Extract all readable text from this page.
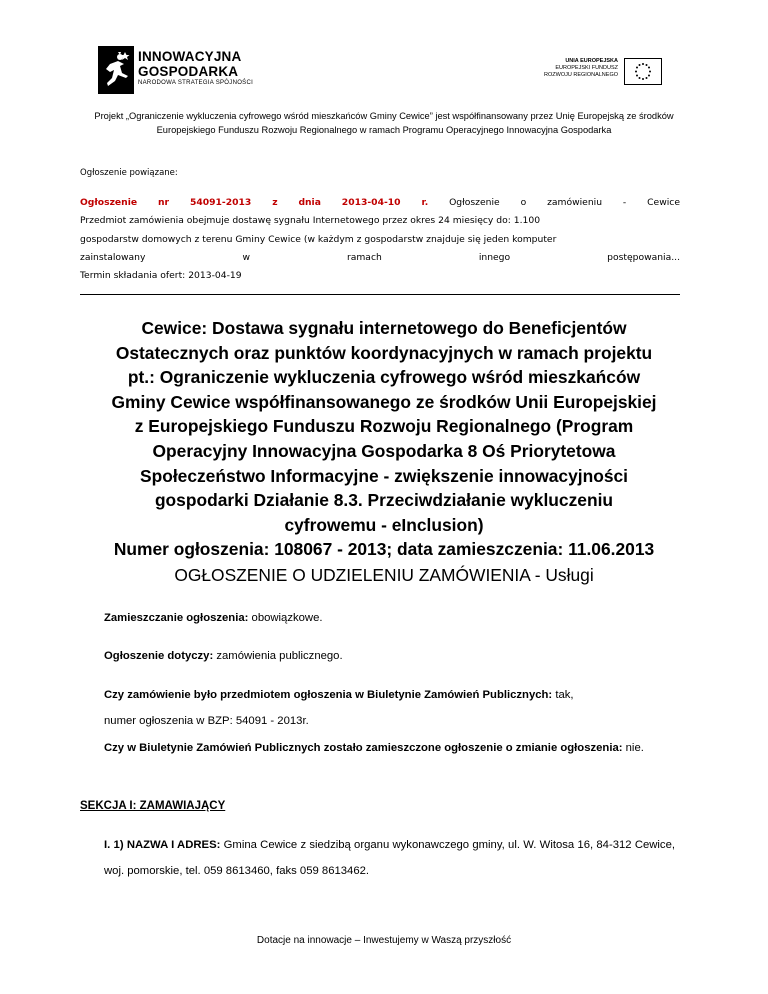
INNOWACYJNA
GOSPODARKA
NARODOWA STRATEGIA SPÓJNOŚCI
UNIA EUROPEJSKA
EUROPEJSKI FUNDUSZ
ROZWOJU REGIONALNEGO
Projekt „Ograniczenie wykluczenia cyfrowego wśród mieszkańców Gminy Cewice” jest współfinansowany przez Unię Europejską ze środków Europejskiego Funduszu Rozwoju Regionalnego w ramach Programu Operacyjnego Innowacyjna Gospodarka
Ogłoszenie powiązane:
Ogłoszenie nr 54091-2013 z dnia 2013-04-10 r. Ogłoszenie o zamówieniu - Cewice
Przedmiot zamówienia obejmuje dostawę sygnału Internetowego przez okres 24 miesięcy do: 1.100
gospodarstw domowych z terenu Gminy Cewice (w każdym z gospodarstw znajduje się jeden komputer
zainstalowany	w	ramach	innego	postępowania...
Termin składania ofert: 2013-04-19
Cewice: Dostawa sygnału internetowego do Beneficjentów
Ostatecznych oraz punktów koordynacyjnych w ramach projektu
pt.: Ograniczenie wykluczenia cyfrowego wśród mieszkańców
Gminy Cewice współfinansowanego ze środków Unii Europejskiej
z Europejskiego Funduszu Rozwoju Regionalnego (Program
Operacyjny Innowacyjna Gospodarka 8 Oś Priorytetowa
Społeczeństwo Informacyjne - zwiększenie innowacyjności
gospodarki Działanie 8.3. Przeciwdziałanie wykluczeniu
cyfrowemu - eInclusion)
Numer ogłoszenia: 108067 - 2013; data zamieszczenia: 11.06.2013
OGŁOSZENIE O UDZIELENIU ZAMÓWIENIA - Usługi
Zamieszczanie ogłoszenia: obowiązkowe.
Ogłoszenie dotyczy: zamówienia publicznego.
Czy zamówienie było przedmiotem ogłoszenia w Biuletynie Zamówień Publicznych: tak,
numer ogłoszenia w BZP: 54091 - 2013r.
Czy w Biuletynie Zamówień Publicznych zostało zamieszczone ogłoszenie o zmianie ogłoszenia: nie.
SEKCJA I: ZAMAWIAJĄCY
I. 1) NAZWA I ADRES: Gmina Cewice z siedzibą organu wykonawczego gminy, ul. W. Witosa 16, 84-312 Cewice, woj. pomorskie, tel. 059 8613460, faks 059 8613462.
Dotacje na innowacje – Inwestujemy w Waszą przyszłość
